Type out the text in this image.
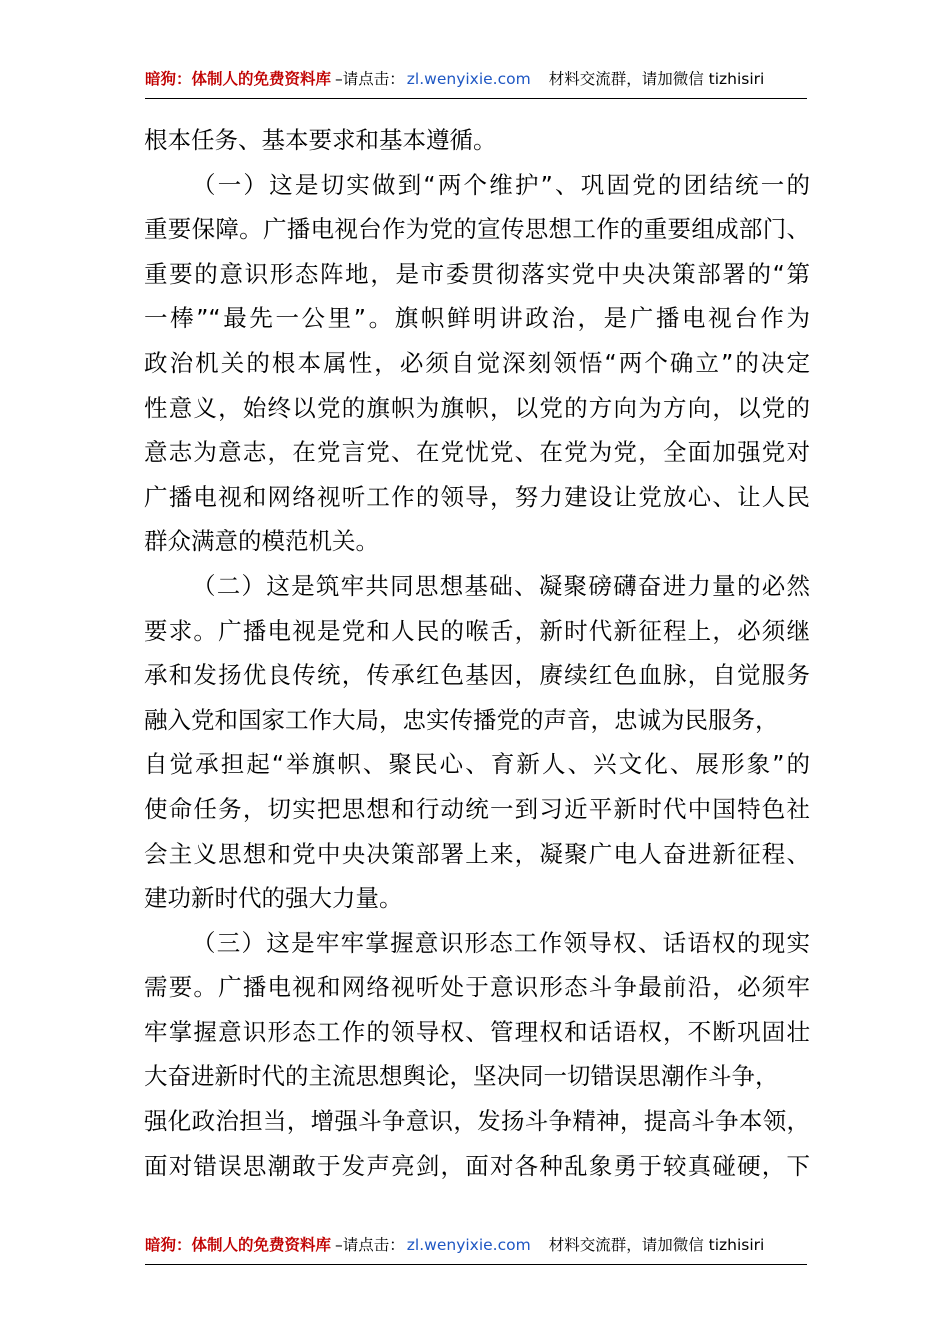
暗狗：体制人的免费资料库 –请点击： zl.wenyixie.com 材料交流群，请加微信 tizhisiri
根本任务、基本要求和基本遵循。
（一）这是切实做到“两个维护”、巩固党的团结统一的
重要保障。广播电视台作为党的宣传思想工作的重要组成部门、
重要的意识形态阵地，是市委贯彻落实党中央决策部署的“第
一棒”“最先一公里”。旗帜鲜明讲政治，是广播电视台作为
政治机关的根本属性，必须自觉深刻领悟“两个确立”的决定
性意义，始终以党的旗帜为旗帜，以党的方向为方向，以党的
意志为意志，在党言党、在党忧党、在党为党，全面加强党对
广播电视和网络视听工作的领导，努力建设让党放心、让人民
群众满意的模范机关。
（二）这是筑牢共同思想基础、凝聚磅礴奋进力量的必然
要求。广播电视是党和人民的喉舌，新时代新征程上，必须继
承和发扬优良传统，传承红色基因，赓续红色血脉，自觉服务
融入党和国家工作大局，忠实传播党的声音，忠诚为民服务，
自觉承担起“举旗帜、聚民心、育新人、兴文化、展形象”的
使命任务，切实把思想和行动统一到习近平新时代中国特色社
会主义思想和党中央决策部署上来，凝聚广电人奋进新征程、
建功新时代的强大力量。
（三）这是牢牢掌握意识形态工作领导权、话语权的现实
需要。广播电视和网络视听处于意识形态斗争最前沿，必须牢
牢掌握意识形态工作的领导权、管理权和话语权，不断巩固壮
大奋进新时代的主流思想舆论，坚决同一切错误思潮作斗争，
强化政治担当，增强斗争意识，发扬斗争精神，提高斗争本领，
面对错误思潮敢于发声亮剑，面对各种乱象勇于较真碰硬，下
暗狗：体制人的免费资料库 –请点击： zl.wenyixie.com 材料交流群，请加微信 tizhisiri
